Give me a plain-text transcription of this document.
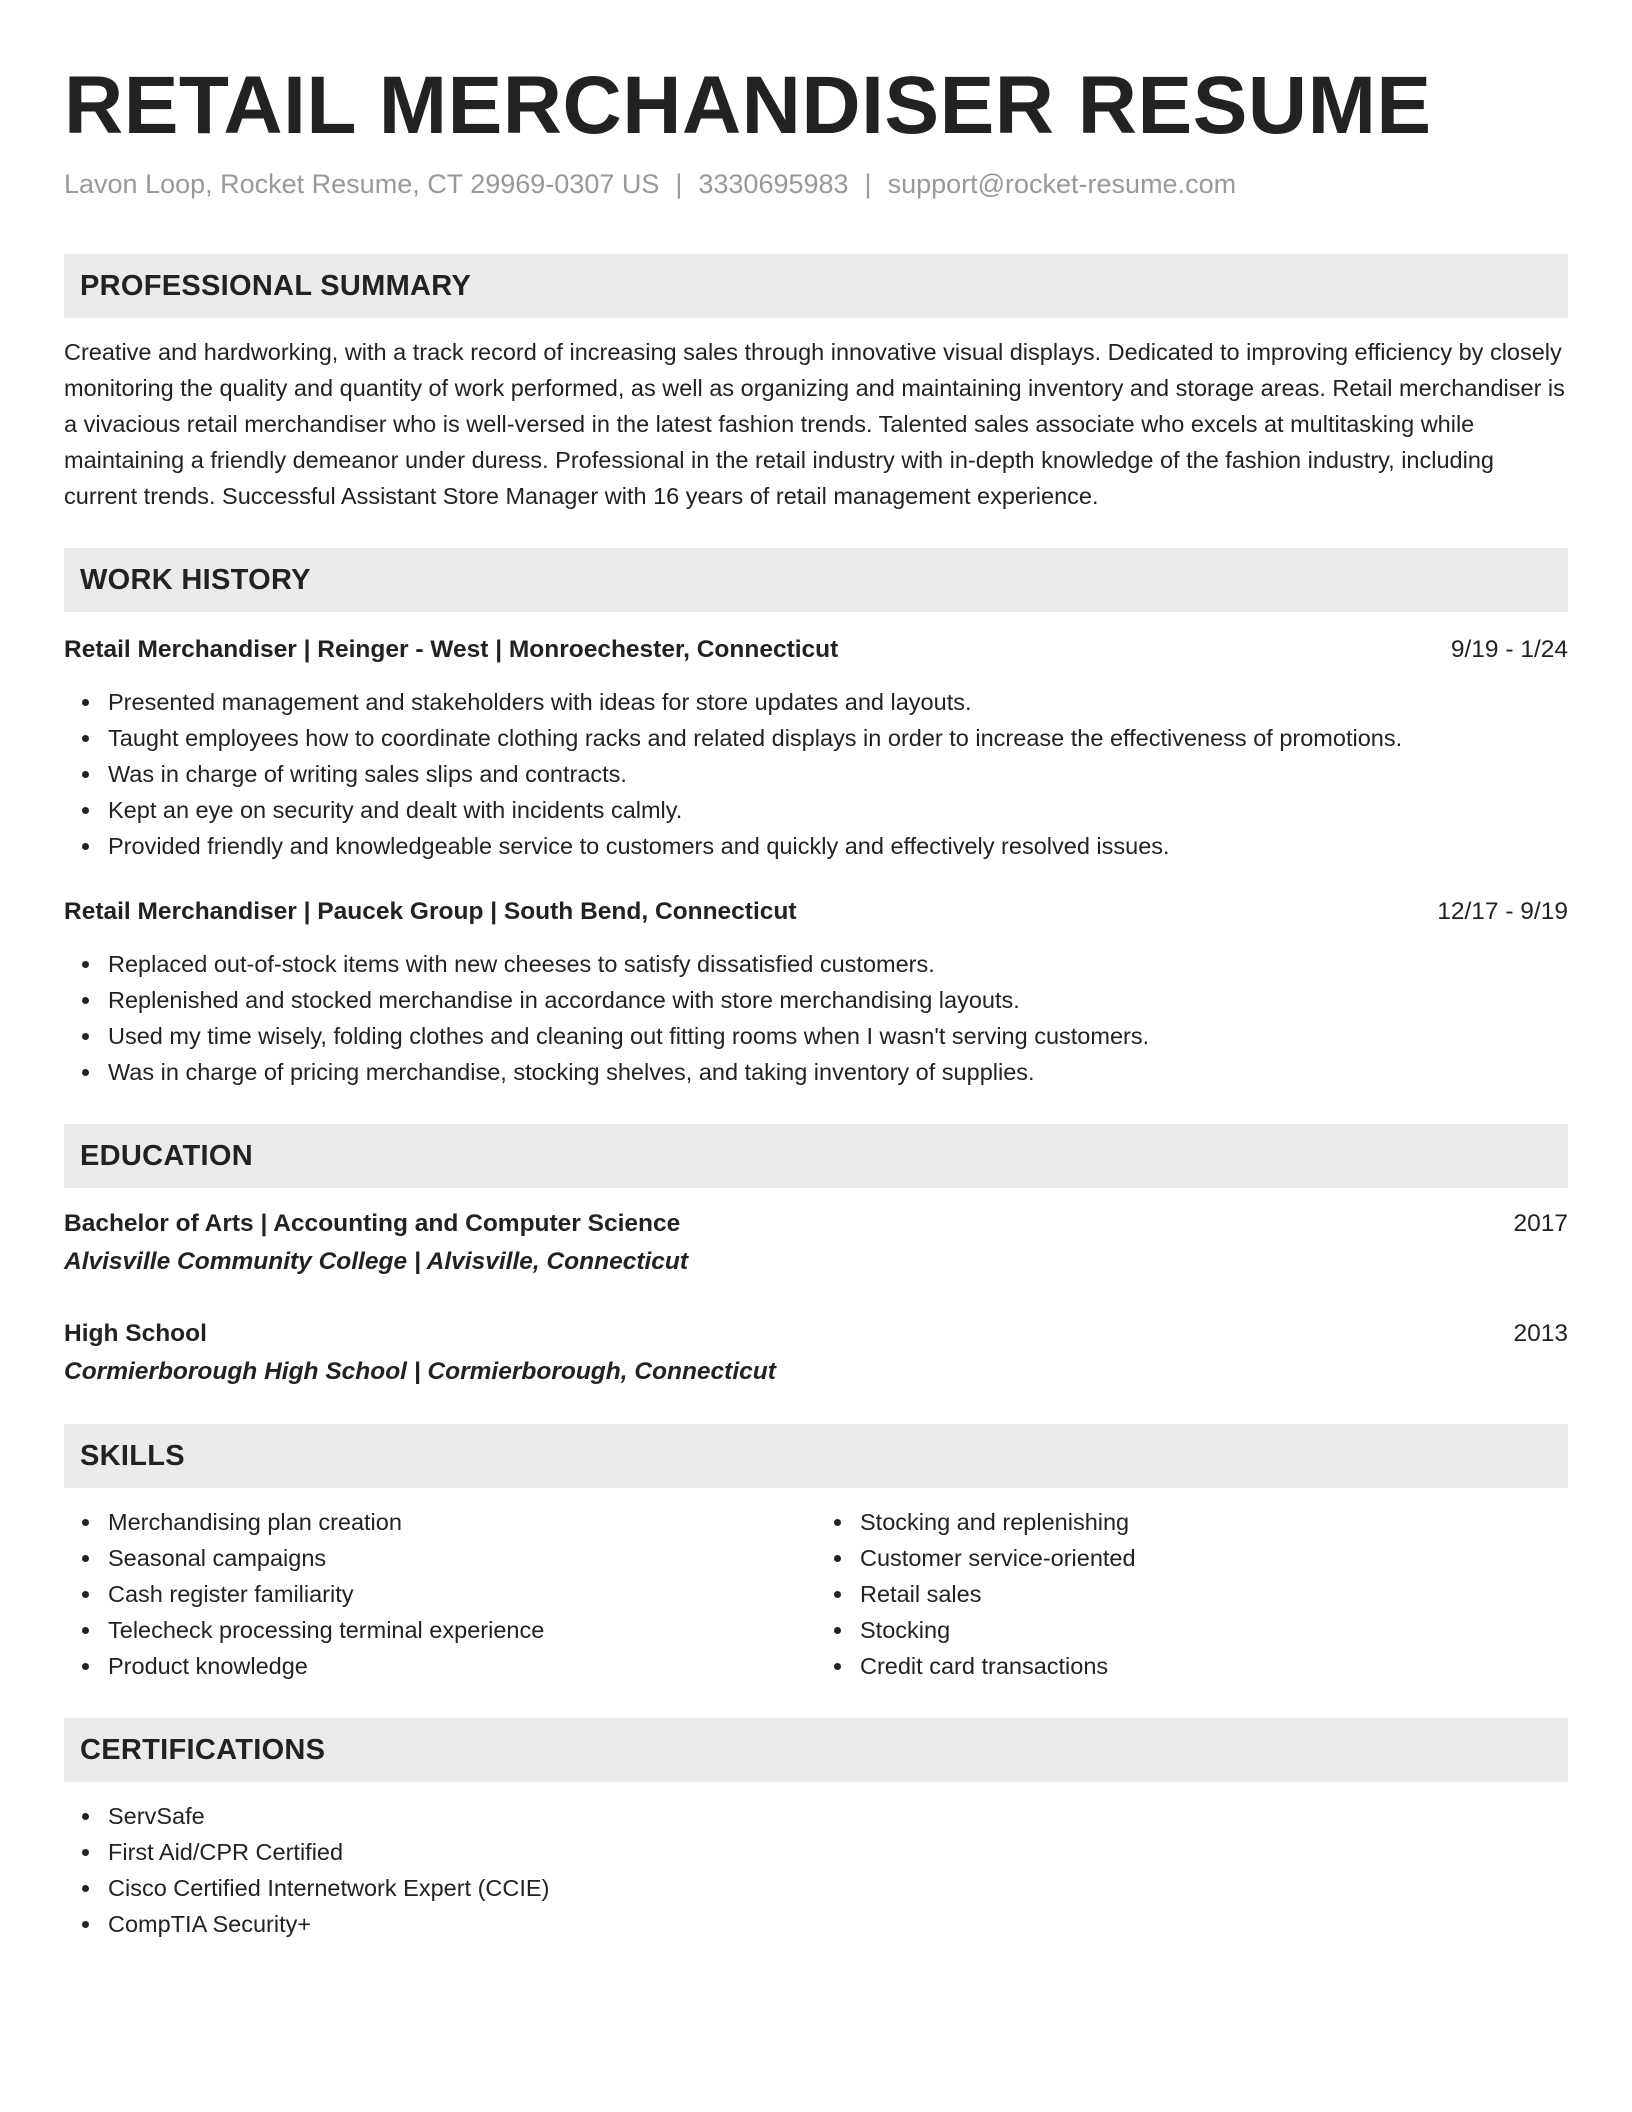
RETAIL MERCHANDISER RESUME
Lavon Loop, Rocket Resume, CT 29969-0307 US | 3330695983 | support@rocket-resume.com
PROFESSIONAL SUMMARY
Creative and hardworking, with a track record of increasing sales through innovative visual displays. Dedicated to improving efficiency by closely monitoring the quality and quantity of work performed, as well as organizing and maintaining inventory and storage areas. Retail merchandiser is a vivacious retail merchandiser who is well-versed in the latest fashion trends. Talented sales associate who excels at multitasking while maintaining a friendly demeanor under duress. Professional in the retail industry with in-depth knowledge of the fashion industry, including current trends. Successful Assistant Store Manager with 16 years of retail management experience.
WORK HISTORY
Retail Merchandiser | Reinger - West | Monroechester, Connecticut	9/19 - 1/24
Presented management and stakeholders with ideas for store updates and layouts.
Taught employees how to coordinate clothing racks and related displays in order to increase the effectiveness of promotions.
Was in charge of writing sales slips and contracts.
Kept an eye on security and dealt with incidents calmly.
Provided friendly and knowledgeable service to customers and quickly and effectively resolved issues.
Retail Merchandiser | Paucek Group | South Bend, Connecticut	12/17 - 9/19
Replaced out-of-stock items with new cheeses to satisfy dissatisfied customers.
Replenished and stocked merchandise in accordance with store merchandising layouts.
Used my time wisely, folding clothes and cleaning out fitting rooms when I wasn't serving customers.
Was in charge of pricing merchandise, stocking shelves, and taking inventory of supplies.
EDUCATION
Bachelor of Arts | Accounting and Computer Science	2017
Alvisville Community College | Alvisville, Connecticut
High School	2013
Cormierborough High School | Cormierborough, Connecticut
SKILLS
Merchandising plan creation
Seasonal campaigns
Cash register familiarity
Telecheck processing terminal experience
Product knowledge
Stocking and replenishing
Customer service-oriented
Retail sales
Stocking
Credit card transactions
CERTIFICATIONS
ServSafe
First Aid/CPR Certified
Cisco Certified Internetwork Expert (CCIE)
CompTIA Security+
